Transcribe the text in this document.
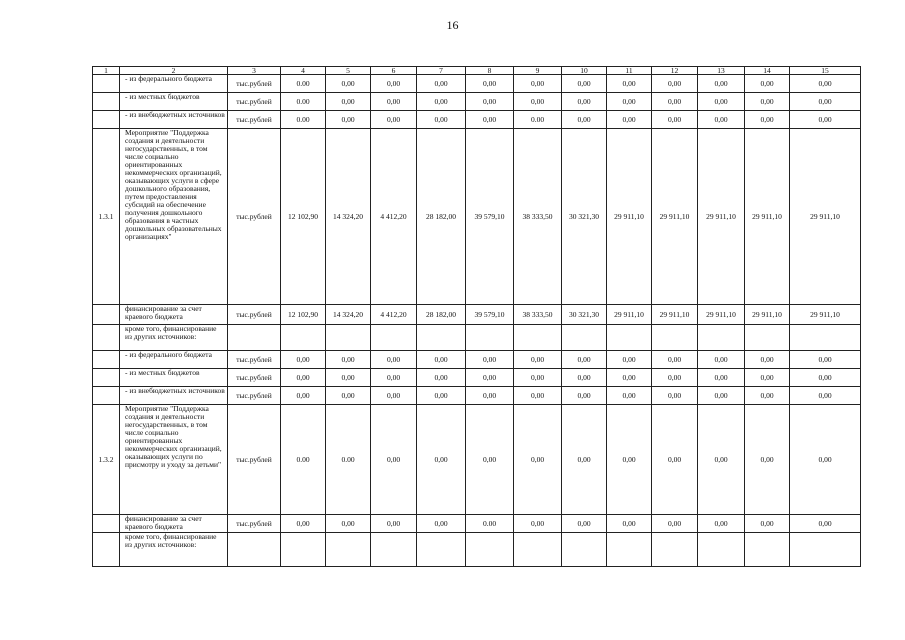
16
1	2	3	4	5	6	7	8	9	10	11	12	13	14	15
	- из федерального бюджета	тыс.рублей	0.00	0,00	0,00	0,00	0,00	0,00	0,00	0,00	0,00	0,00	0,00	0,00
	- из местных бюджетов	тыс.рублей	0.00	0,00	0,00	0,00	0,00	0,00	0,00	0,00	0,00	0,00	0,00	0,00
	- из внебюджетных источников	тыс.рублей	0.00	0,00	0,00	0,00	0,00	0.00	0,00	0,00	0,00	0,00	0,00	0,00
1.3.1	Мероприятие "Поддержка создания и деятельности негосударственных, в том числе социально ориентированных некоммерческих организаций, оказывающих услуги в сфере дошкольного образования, путем предоставления субсидий на обеспечение получения дошкольного образования в частных дошкольных образовательных организациях"	тыс.рублей	12 102,90	14 324,20	4 412,20	28 182,00	39 579,10	38 333,50	30 321,30	29 911,10	29 911,10	29 911,10	29 911,10	29 911,10
	финансирование за счет краевого бюджета	тыс.рублей	12 102,90	14 324,20	4 412,20	28 182,00	39 579,10	38 333,50	30 321,30	29 911,10	29 911,10	29 911,10	29 911,10	29 911,10
	кроме того, финансирование из других источников:													
	- из федерального бюджета	тыс.рублей	0,00	0,00	0,00	0,00	0,00	0,00	0,00	0,00	0,00	0,00	0,00	0,00
	- из местных бюджетов	тыс.рублей	0,00	0,00	0,00	0,00	0,00	0,00	0,00	0,00	0,00	0,00	0,00	0,00
	- из внебюджетных источников	тыс.рублей	0,00	0,00	0,00	0,00	0,00	0,00	0,00	0,00	0,00	0,00	0,00	0,00
1.3.2	Мероприятие "Поддержка создания и деятельности негосударственных, в том числе социально ориентированных некоммерческих организаций, оказывающих услуги по присмотру и уходу за детьми"	тыс.рублей	0.00	0.00	0,00	0,00	0,00	0,00	0,00	0,00	0,00	0,00	0,00	0,00
	финансирование за счет краевого бюджета	тыс.рублей	0,00	0,00	0,00	0,00	0.00	0,00	0,00	0,00	0,00	0,00	0,00	0,00
	кроме того, финансирование из других источников:													
